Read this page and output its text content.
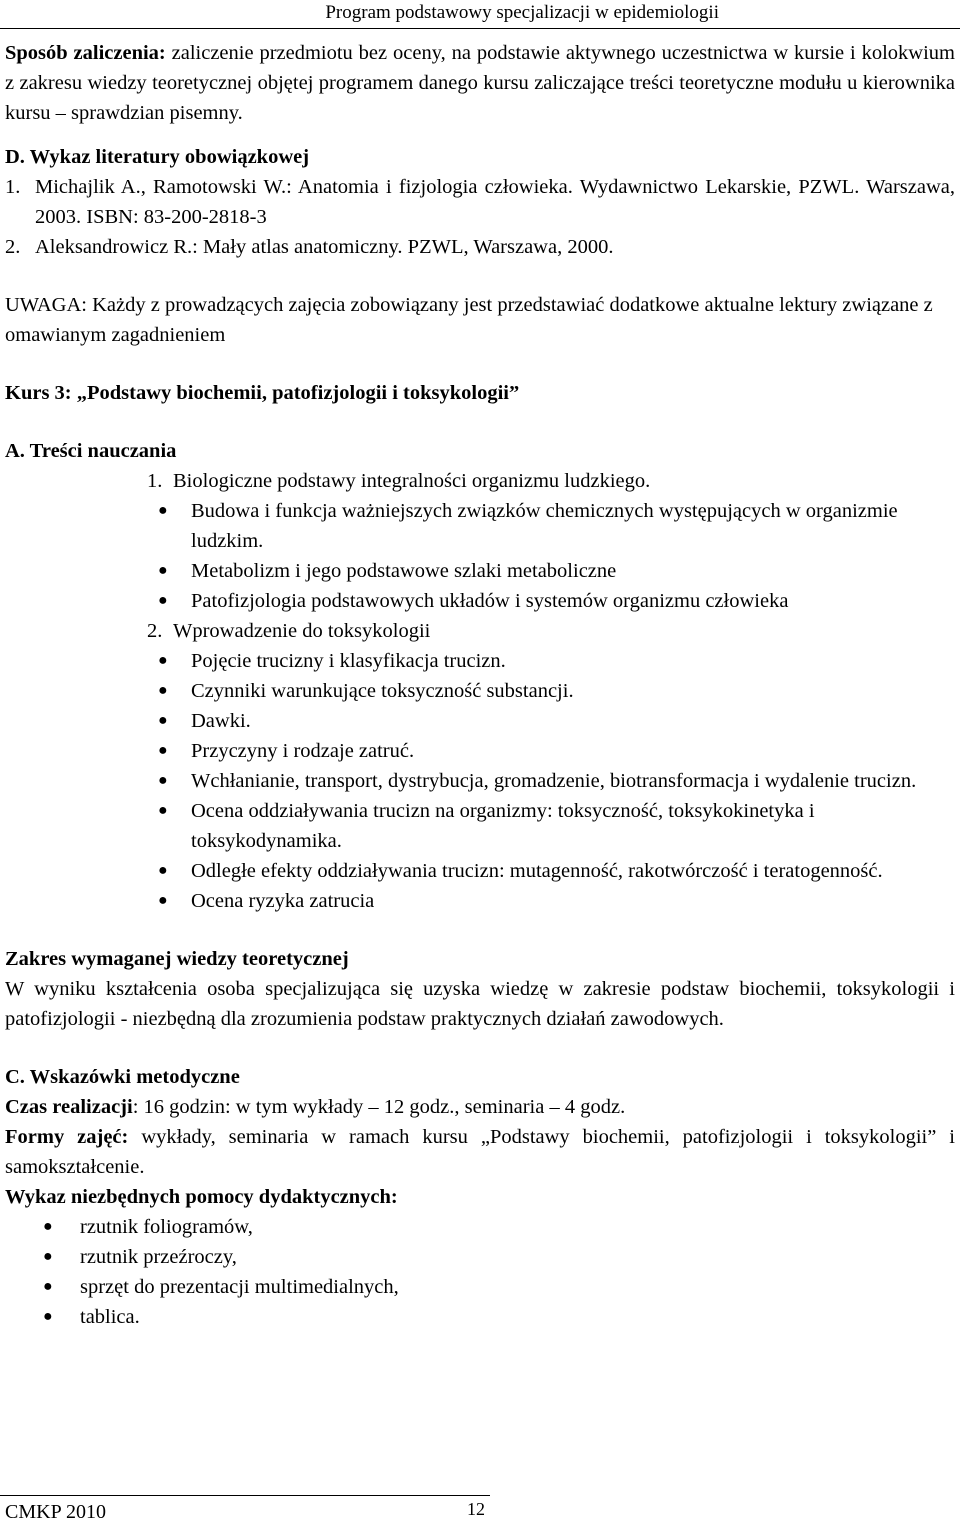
Program podstawowy specjalizacji w epidemiologii

Sposób zaliczenia: zaliczenie przedmiotu bez oceny, na podstawie aktywnego uczestnictwa w kursie i kolokwium z zakresu wiedzy teoretycznej objętej programem danego kursu zaliczające treści teoretyczne modułu u kierownika kursu – sprawdzian pisemny.

D. Wykaz literatury obowiązkowej

1. Michajlik A., Ramotowski W.: Anatomia i fizjologia człowieka. Wydawnictwo Lekarskie, PZWL. Warszawa, 2003. ISBN: 83-200-2818-3
2. Aleksandrowicz R.: Mały atlas anatomiczny. PZWL, Warszawa, 2000.

UWAGA: Każdy z prowadzących zajęcia zobowiązany jest przedstawiać dodatkowe aktualne lektury związane z omawianym zagadnieniem

Kurs 3: „Podstawy biochemii, patofizjologii i toksykologii”

A. Treści nauczania

1. Biologiczne podstawy integralności organizmu ludzkiego.
● Budowa i funkcja ważniejszych związków chemicznych występujących w organizmie ludzkim.
● Metabolizm i jego podstawowe szlaki metaboliczne
● Patofizjologia podstawowych układów i systemów organizmu człowieka
2. Wprowadzenie do toksykologii
● Pojęcie trucizny i klasyfikacja trucizn.
● Czynniki warunkujące toksyczność substancji.
● Dawki.
● Przyczyny i rodzaje zatruć.
● Wchłanianie, transport, dystrybucja, gromadzenie, biotransformacja i wydalenie trucizn.
● Ocena oddziaływania trucizn na organizmy: toksyczność, toksykokinetyka i toksykodynamika.
● Odległe efekty oddziaływania trucizn: mutagenność, rakotwórczość i teratogenność.
● Ocena ryzyka zatrucia

Zakres wymaganej wiedzy teoretycznej

W wyniku kształcenia osoba specjalizująca się uzyska wiedzę w zakresie podstaw biochemii, toksykologii i patofizjologii - niezbędną dla zrozumienia podstaw praktycznych działań zawodowych.

C. Wskazówki metodyczne

Czas realizacji: 16 godzin: w tym wykłady – 12 godz., seminaria – 4 godz.

Formy zajęć: wykłady, seminaria w ramach kursu „Podstawy biochemii, patofizjologii i toksykologii” i samokształcenie.

Wykaz niezbędnych pomocy dydaktycznych:

● rzutnik foliogramów,
● rzutnik przeźroczy,
● sprzęt do prezentacji multimedialnych,
● tablica.
CMKP 2010	12
